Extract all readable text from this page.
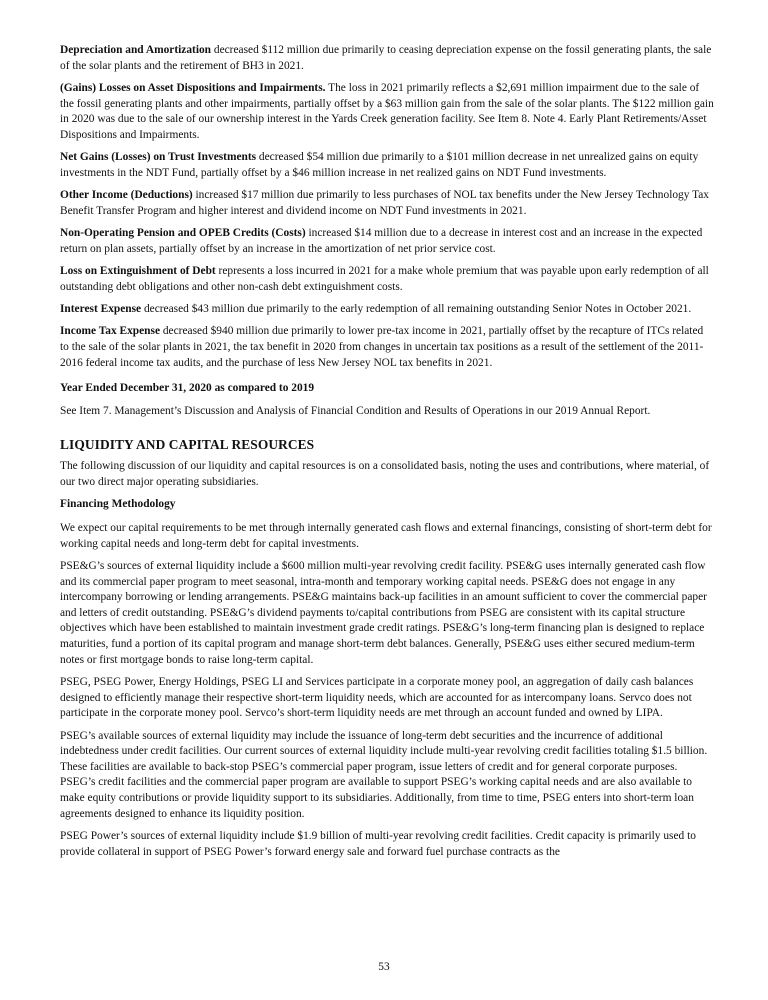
Depreciation and Amortization decreased $112 million due primarily to ceasing depreciation expense on the fossil generating plants, the sale of the solar plants and the retirement of BH3 in 2021.

(Gains) Losses on Asset Dispositions and Impairments. The loss in 2021 primarily reflects a $2,691 million impairment due to the sale of the fossil generating plants and other impairments, partially offset by a $63 million gain from the sale of the solar plants. The $122 million gain in 2020 was due to the sale of our ownership interest in the Yards Creek generation facility. See Item 8. Note 4. Early Plant Retirements/Asset Dispositions and Impairments.

Net Gains (Losses) on Trust Investments decreased $54 million due primarily to a $101 million decrease in net unrealized gains on equity investments in the NDT Fund, partially offset by a $46 million increase in net realized gains on NDT Fund investments.

Other Income (Deductions) increased $17 million due primarily to less purchases of NOL tax benefits under the New Jersey Technology Tax Benefit Transfer Program and higher interest and dividend income on NDT Fund investments in 2021.

Non-Operating Pension and OPEB Credits (Costs) increased $14 million due to a decrease in interest cost and an increase in the expected return on plan assets, partially offset by an increase in the amortization of net prior service cost.

Loss on Extinguishment of Debt represents a loss incurred in 2021 for a make whole premium that was payable upon early redemption of all outstanding debt obligations and other non-cash debt extinguishment costs.

Interest Expense decreased $43 million due primarily to the early redemption of all remaining outstanding Senior Notes in October 2021.

Income Tax Expense decreased $940 million due primarily to lower pre-tax income in 2021, partially offset by the recapture of ITCs related to the sale of the solar plants in 2021, the tax benefit in 2020 from changes in uncertain tax positions as a result of the settlement of the 2011-2016 federal income tax audits, and the purchase of less New Jersey NOL tax benefits in 2021.

Year Ended December 31, 2020 as compared to 2019

See Item 7. Management’s Discussion and Analysis of Financial Condition and Results of Operations in our 2019 Annual Report.

LIQUIDITY AND CAPITAL RESOURCES

The following discussion of our liquidity and capital resources is on a consolidated basis, noting the uses and contributions, where material, of our two direct major operating subsidiaries.

Financing Methodology

We expect our capital requirements to be met through internally generated cash flows and external financings, consisting of short-term debt for working capital needs and long-term debt for capital investments.

PSE&G’s sources of external liquidity include a $600 million multi-year revolving credit facility. PSE&G uses internally generated cash flow and its commercial paper program to meet seasonal, intra-month and temporary working capital needs. PSE&G does not engage in any intercompany borrowing or lending arrangements. PSE&G maintains back-up facilities in an amount sufficient to cover the commercial paper and letters of credit outstanding. PSE&G’s dividend payments to/capital contributions from PSEG are consistent with its capital structure objectives which have been established to maintain investment grade credit ratings. PSE&G’s long-term financing plan is designed to replace maturities, fund a portion of its capital program and manage short-term debt balances. Generally, PSE&G uses either secured medium-term notes or first mortgage bonds to raise long-term capital.

PSEG, PSEG Power, Energy Holdings, PSEG LI and Services participate in a corporate money pool, an aggregation of daily cash balances designed to efficiently manage their respective short-term liquidity needs, which are accounted for as intercompany loans. Servco does not participate in the corporate money pool. Servco’s short-term liquidity needs are met through an account funded and owned by LIPA.

PSEG’s available sources of external liquidity may include the issuance of long-term debt securities and the incurrence of additional indebtedness under credit facilities. Our current sources of external liquidity include multi-year revolving credit facilities totaling $1.5 billion. These facilities are available to back-stop PSEG’s commercial paper program, issue letters of credit and for general corporate purposes. PSEG’s credit facilities and the commercial paper program are available to support PSEG’s working capital needs and are also available to make equity contributions or provide liquidity support to its subsidiaries. Additionally, from time to time, PSEG enters into short-term loan agreements designed to enhance its liquidity position.

PSEG Power’s sources of external liquidity include $1.9 billion of multi-year revolving credit facilities. Credit capacity is primarily used to provide collateral in support of PSEG Power’s forward energy sale and forward fuel purchase contracts as the

53
